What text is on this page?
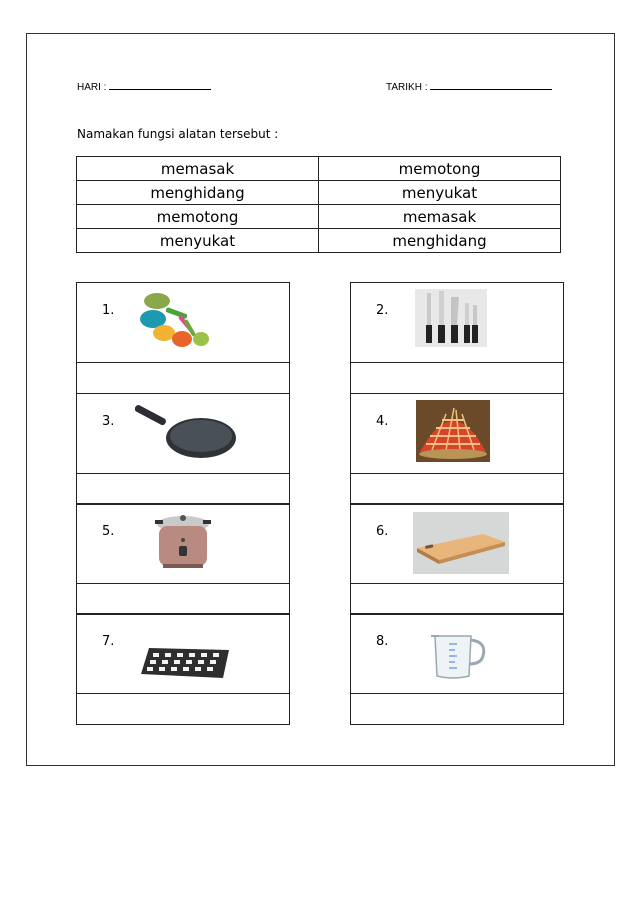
HARI :	TARIKH :
Namakan fungsi alatan tersebut :
memasak	memotong
menghidang	menyukat
memotong	memasak
menyukat	menghidang
1.	2.
3.	4.
5.	6.
7.	8.
